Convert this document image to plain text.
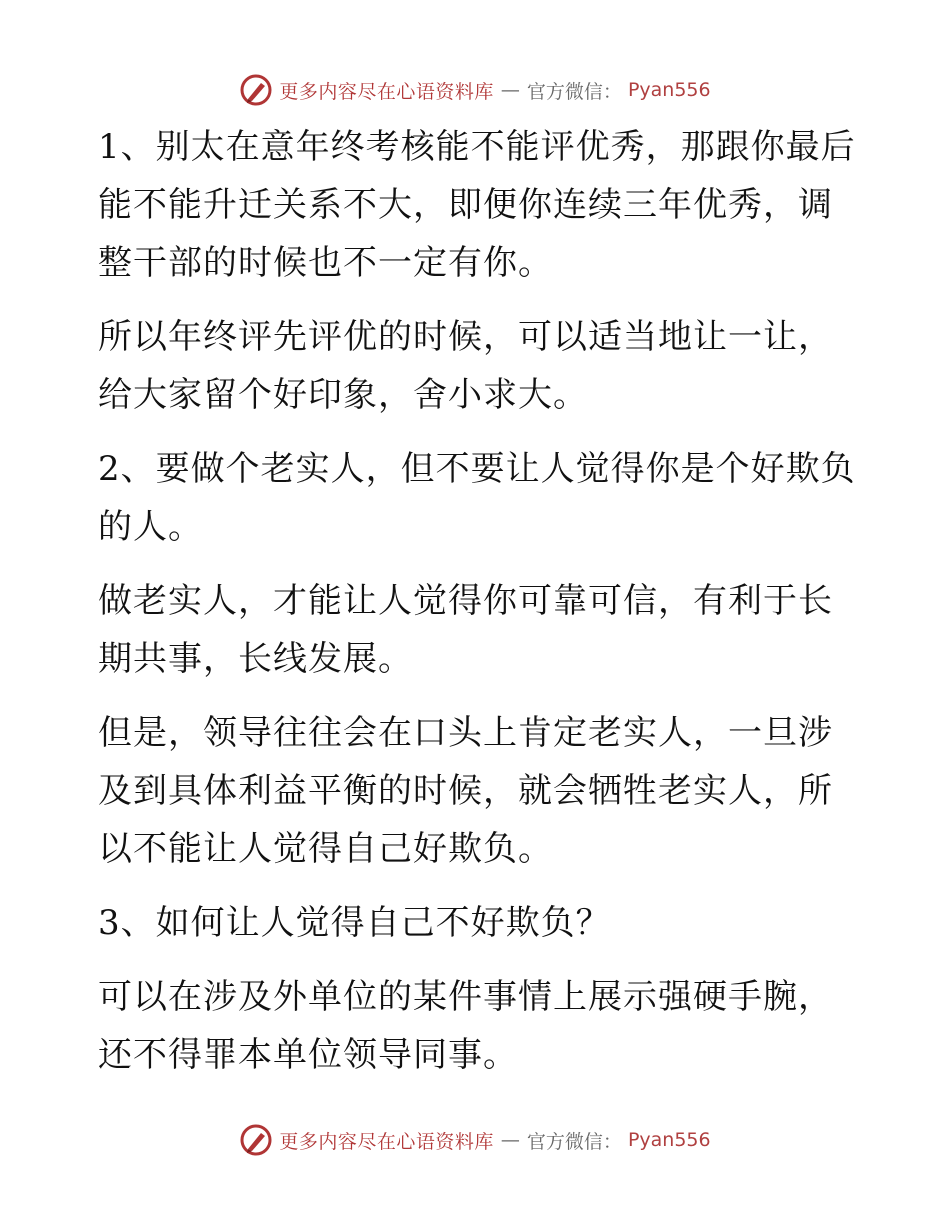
更多内容尽在心语资料库 — 官方微信： Pyan556

1、别太在意年终考核能不能评优秀，那跟你最后能不能升迁关系不大，即便你连续三年优秀，调整干部的时候也不一定有你。

所以年终评先评优的时候，可以适当地让一让，给大家留个好印象，舍小求大。

2、要做个老实人，但不要让人觉得你是个好欺负的人。

做老实人，才能让人觉得你可靠可信，有利于长期共事，长线发展。

但是，领导往往会在口头上肯定老实人，一旦涉及到具体利益平衡的时候，就会牺牲老实人，所以不能让人觉得自己好欺负。

3、如何让人觉得自己不好欺负？

可以在涉及外单位的某件事情上展示强硬手腕，还不得罪本单位领导同事。

更多内容尽在心语资料库 — 官方微信： Pyan556
